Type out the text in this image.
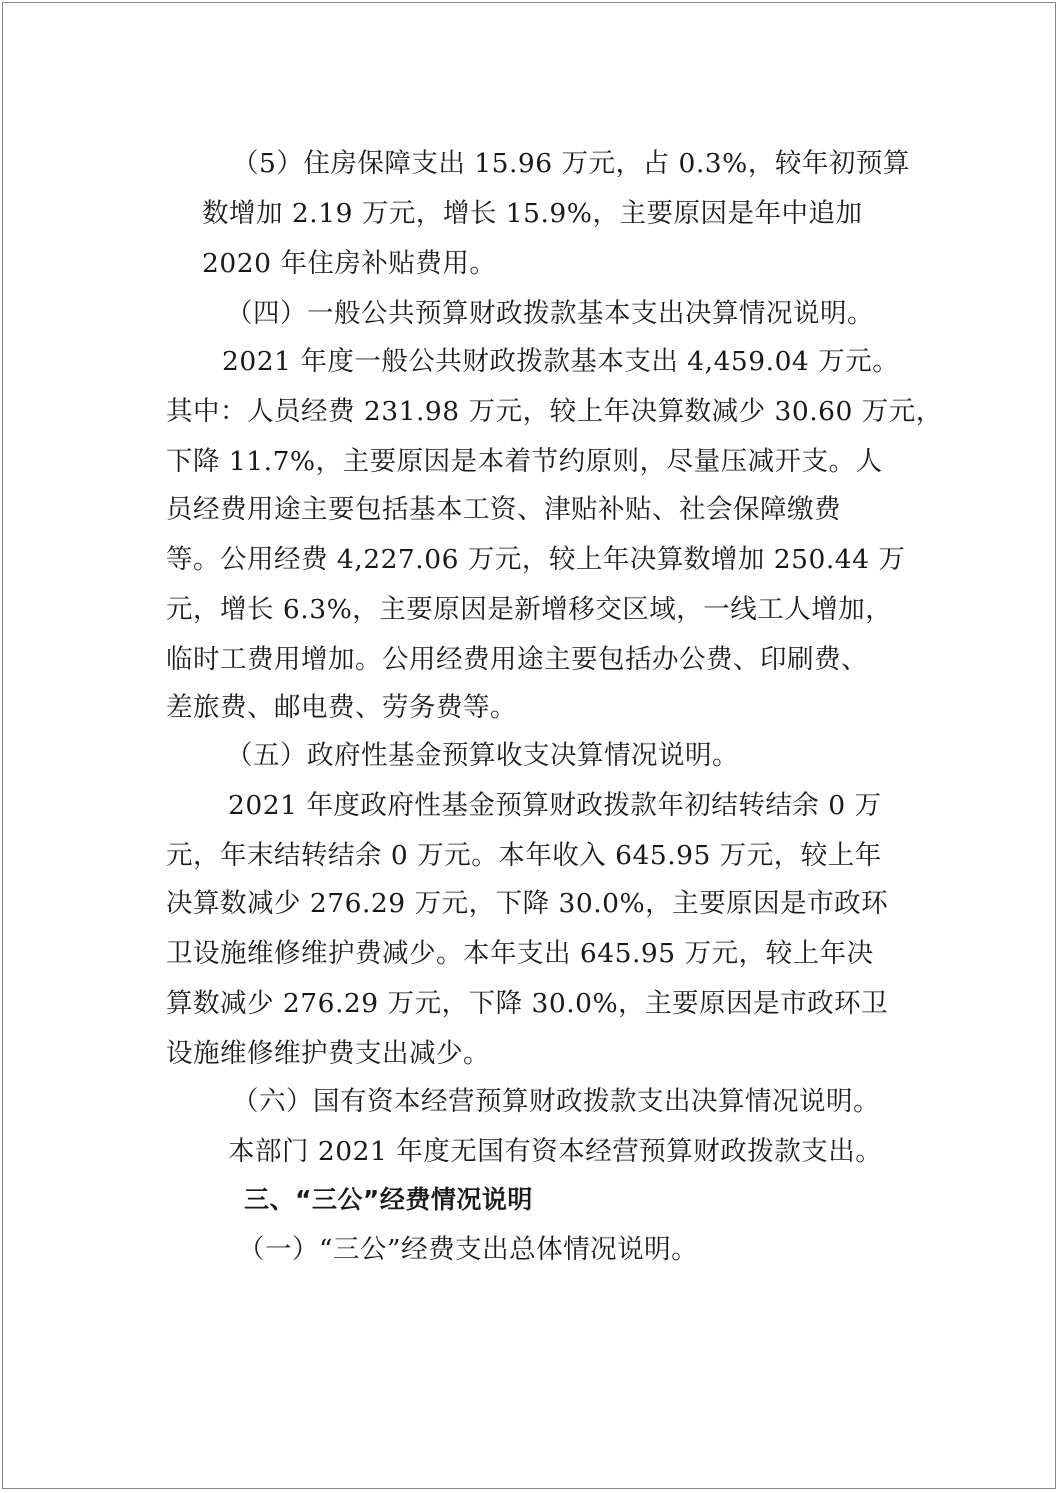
（5）住房保障支出 15.96 万元，占 0.3%，较年初预算
数增加 2.19 万元，增长 15.9%，主要原因是年中追加
2020 年住房补贴费用。
（四）一般公共预算财政拨款基本支出决算情况说明。
2021 年度一般公共财政拨款基本支出 4,459.04 万元。
其中：人员经费 231.98 万元，较上年决算数减少 30.60 万元，
下降 11.7%，主要原因是本着节约原则，尽量压减开支。人
员经费用途主要包括基本工资、津贴补贴、社会保障缴费
等。公用经费 4,227.06 万元，较上年决算数增加 250.44 万
元，增长 6.3%，主要原因是新增移交区域，一线工人增加，
临时工费用增加。公用经费用途主要包括办公费、印刷费、
差旅费、邮电费、劳务费等。
（五）政府性基金预算收支决算情况说明。
2021 年度政府性基金预算财政拨款年初结转结余 0 万
元，年末结转结余 0 万元。本年收入 645.95 万元，较上年
决算数减少 276.29 万元，下降 30.0%，主要原因是市政环
卫设施维修维护费减少。本年支出 645.95 万元，较上年决
算数减少 276.29 万元，下降 30.0%，主要原因是市政环卫
设施维修维护费支出减少。
（六）国有资本经营预算财政拨款支出决算情况说明。
本部门 2021 年度无国有资本经营预算财政拨款支出。
三、“三公”经费情况说明
（一）“三公”经费支出总体情况说明。
